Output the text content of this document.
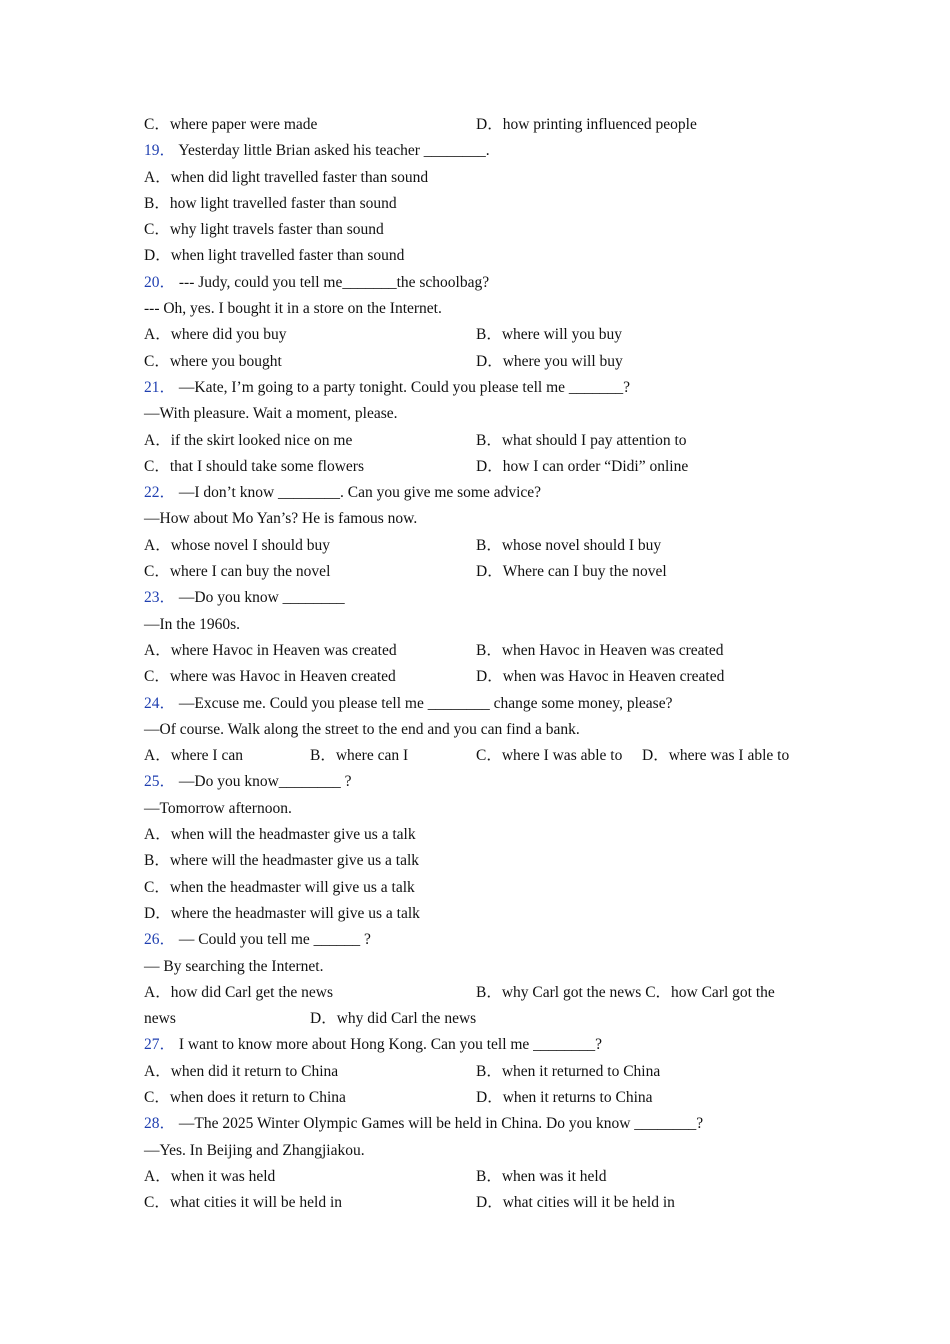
C．where paper were made	D．how printing influenced people
19． Yesterday little Brian asked his teacher ________.
A．when did light travelled faster than sound
B．how light travelled faster than sound
C．why light travels faster than sound
D．when light travelled faster than sound
20． --- Judy, could you tell me_______the schoolbag?
--- Oh, yes. I bought it in a store on the Internet.
A．where did you buy	B．where will you buy
C．where you bought	D．where you will buy
21． —Kate, I’m going to a party tonight. Could you please tell me _______?
—With pleasure. Wait a moment, please.
A．if the skirt looked nice on me	B．what should I pay attention to
C．that I should take some flowers	D．how I can order “Didi” online
22． —I don’t know ________. Can you give me some advice?
—How about Mo Yan’s? He is famous now.
A．whose novel I should buy	B．whose novel should I buy
C．where I can buy the novel	D．Where can I buy the novel
23． —Do you know ________
—In the 1960s.
A．where Havoc in Heaven was created	B．when Havoc in Heaven was created
C．where was Havoc in Heaven created	D．when was Havoc in Heaven created
24． —Excuse me. Could you please tell me ________ change some money, please?
—Of course. Walk along the street to the end and you can find a bank.
A．where I can	B．where can I	C．where I was able to D．where was I able to
25． —Do you know________ ?
—Tomorrow afternoon.
A．when will the headmaster give us a talk
B．where will the headmaster give us a talk
C．when the headmaster will give us a talk
D．where the headmaster will give us a talk
26． — Could you tell me ______ ?
— By searching the Internet.
A．how did Carl get the news	B．why Carl got the news C．how Carl got the
news	D．why did Carl the news
27． I want to know more about Hong Kong. Can you tell me ________?
A．when did it return to China	B．when it returned to China
C．when does it return to China	D．when it returns to China
28． —The 2025 Winter Olympic Games will be held in China. Do you know ________?
—Yes. In Beijing and Zhangjiakou.
A．when it was held	B．when was it held
C．what cities it will be held in	D．what cities will it be held in
